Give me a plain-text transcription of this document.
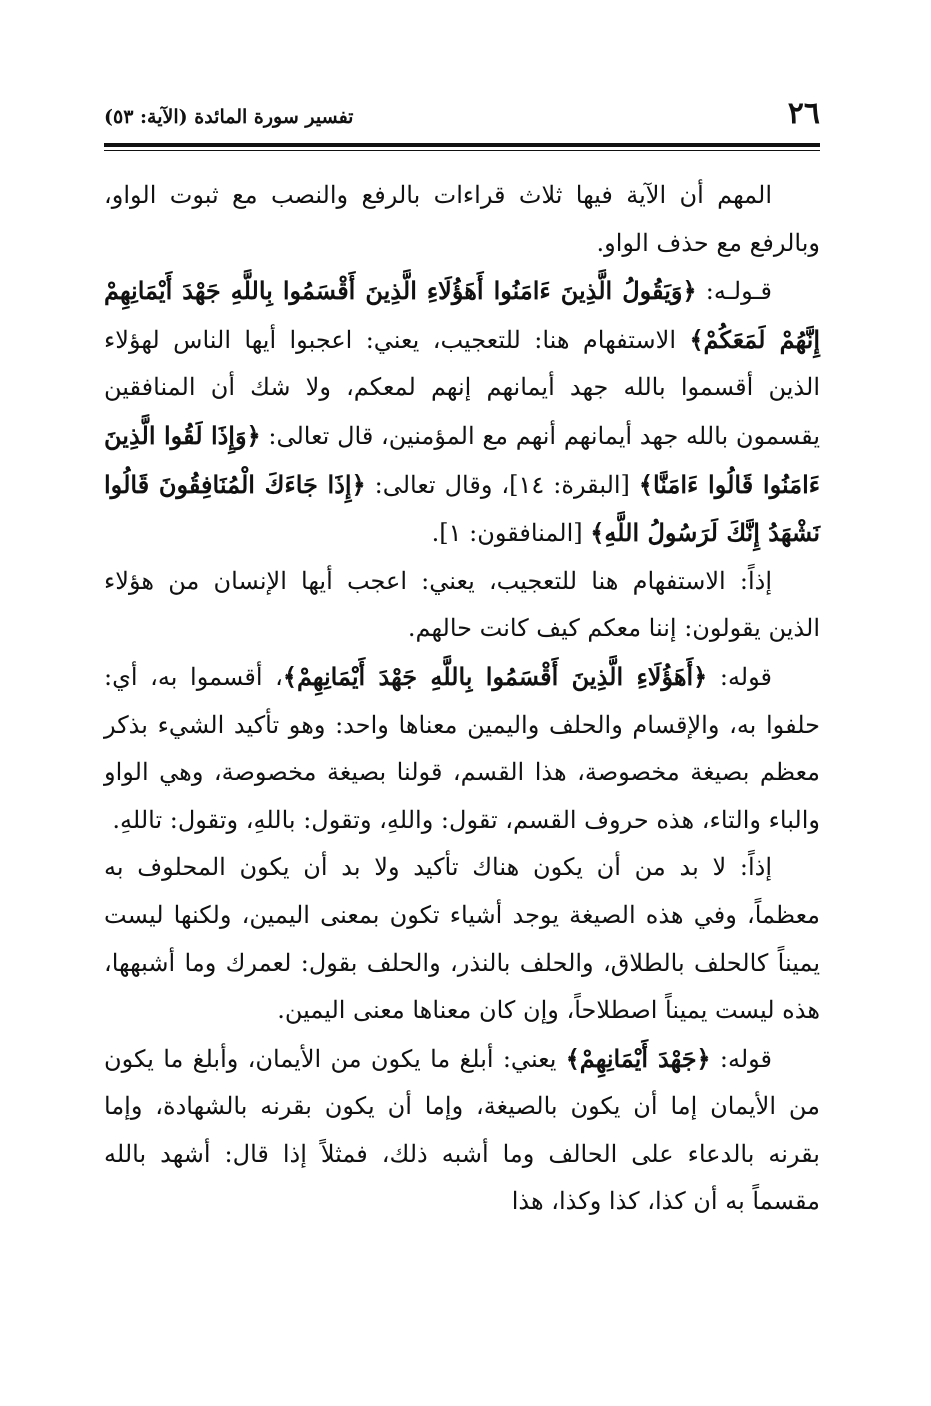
٢٦
تفسير سورة المائدة (الآية: ٥٣)

المهم أن الآية فيها ثلاث قراءات بالرفع والنصب مع ثبوت الواو، وبالرفع مع حذف الواو.

قـولـه: ﴿وَيَقُولُ الَّذِينَ ءَامَنُوا أَهَؤُلَاءِ الَّذِينَ أَقْسَمُوا بِاللَّهِ جَهْدَ أَيْمَانِهِمْ إِنَّهُمْ لَمَعَكُمْ﴾ الاستفهام هنا: للتعجيب، يعني: اعجبوا أيها الناس لهؤلاء الذين أقسموا بالله جهد أيمانهم إنهم لمعكم، ولا شك أن المنافقين يقسمون بالله جهد أيمانهم أنهم مع المؤمنين، قال تعالى: ﴿وَإِذَا لَقُوا الَّذِينَ ءَامَنُوا قَالُوا ءَامَنَّا﴾ [البقرة: ١٤]، وقال تعالى: ﴿إِذَا جَاءَكَ الْمُنَافِقُونَ قَالُوا نَشْهَدُ إِنَّكَ لَرَسُولُ اللَّهِ﴾ [المنافقون: ١].

إذاً: الاستفهام هنا للتعجيب، يعني: اعجب أيها الإنسان من هؤلاء الذين يقولون: إننا معكم كيف كانت حالهم.

قوله: ﴿أَهَؤُلَاءِ الَّذِينَ أَقْسَمُوا بِاللَّهِ جَهْدَ أَيْمَانِهِمْ﴾، أقسموا به، أي: حلفوا به، والإقسام والحلف واليمين معناها واحد: وهو تأكيد الشيء بذكر معظم بصيغة مخصوصة، هذا القسم، قولنا بصيغة مخصوصة، وهي الواو والباء والتاء، هذه حروف القسم، تقول: واللهِ، وتقول: باللهِ، وتقول: تاللهِ.

إذاً: لا بد من أن يكون هناك تأكيد ولا بد أن يكون المحلوف به معظماً، وفي هذه الصيغة يوجد أشياء تكون بمعنى اليمين، ولكنها ليست يميناً كالحلف بالطلاق، والحلف بالنذر، والحلف بقول: لعمرك وما أشبهها، هذه ليست يميناً اصطلاحاً، وإن كان معناها معنى اليمين.

قوله: ﴿جَهْدَ أَيْمَانِهِمْ﴾ يعني: أبلغ ما يكون من الأيمان، وأبلغ ما يكون من الأيمان إما أن يكون بالصيغة، وإما أن يكون بقرنه بالشهادة، وإما بقرنه بالدعاء على الحالف وما أشبه ذلك، فمثلاً إذا قال: أشهد بالله مقسماً به أن كذا، كذا وكذا، هذا
